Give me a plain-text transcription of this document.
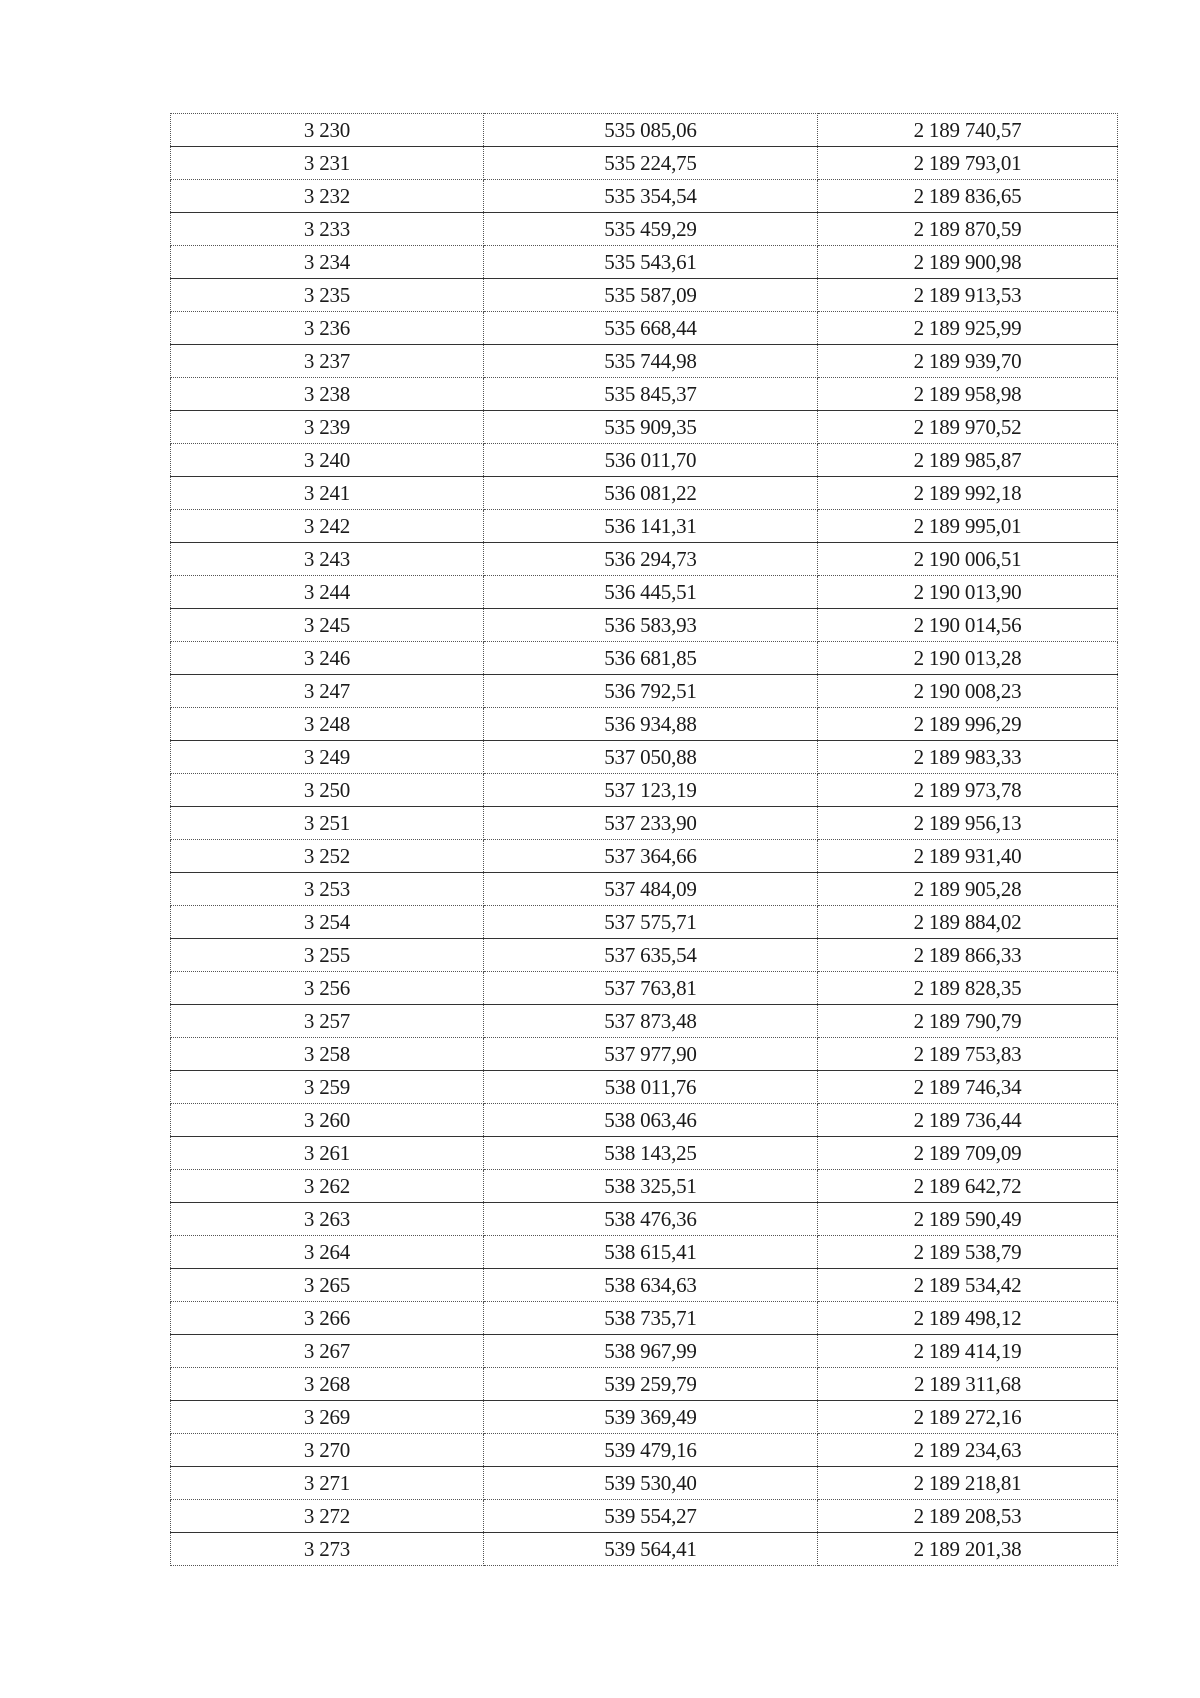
3 230	535 085,06	2 189 740,57
3 231	535 224,75	2 189 793,01
3 232	535 354,54	2 189 836,65
3 233	535 459,29	2 189 870,59
3 234	535 543,61	2 189 900,98
3 235	535 587,09	2 189 913,53
3 236	535 668,44	2 189 925,99
3 237	535 744,98	2 189 939,70
3 238	535 845,37	2 189 958,98
3 239	535 909,35	2 189 970,52
3 240	536 011,70	2 189 985,87
3 241	536 081,22	2 189 992,18
3 242	536 141,31	2 189 995,01
3 243	536 294,73	2 190 006,51
3 244	536 445,51	2 190 013,90
3 245	536 583,93	2 190 014,56
3 246	536 681,85	2 190 013,28
3 247	536 792,51	2 190 008,23
3 248	536 934,88	2 189 996,29
3 249	537 050,88	2 189 983,33
3 250	537 123,19	2 189 973,78
3 251	537 233,90	2 189 956,13
3 252	537 364,66	2 189 931,40
3 253	537 484,09	2 189 905,28
3 254	537 575,71	2 189 884,02
3 255	537 635,54	2 189 866,33
3 256	537 763,81	2 189 828,35
3 257	537 873,48	2 189 790,79
3 258	537 977,90	2 189 753,83
3 259	538 011,76	2 189 746,34
3 260	538 063,46	2 189 736,44
3 261	538 143,25	2 189 709,09
3 262	538 325,51	2 189 642,72
3 263	538 476,36	2 189 590,49
3 264	538 615,41	2 189 538,79
3 265	538 634,63	2 189 534,42
3 266	538 735,71	2 189 498,12
3 267	538 967,99	2 189 414,19
3 268	539 259,79	2 189 311,68
3 269	539 369,49	2 189 272,16
3 270	539 479,16	2 189 234,63
3 271	539 530,40	2 189 218,81
3 272	539 554,27	2 189 208,53
3 273	539 564,41	2 189 201,38
